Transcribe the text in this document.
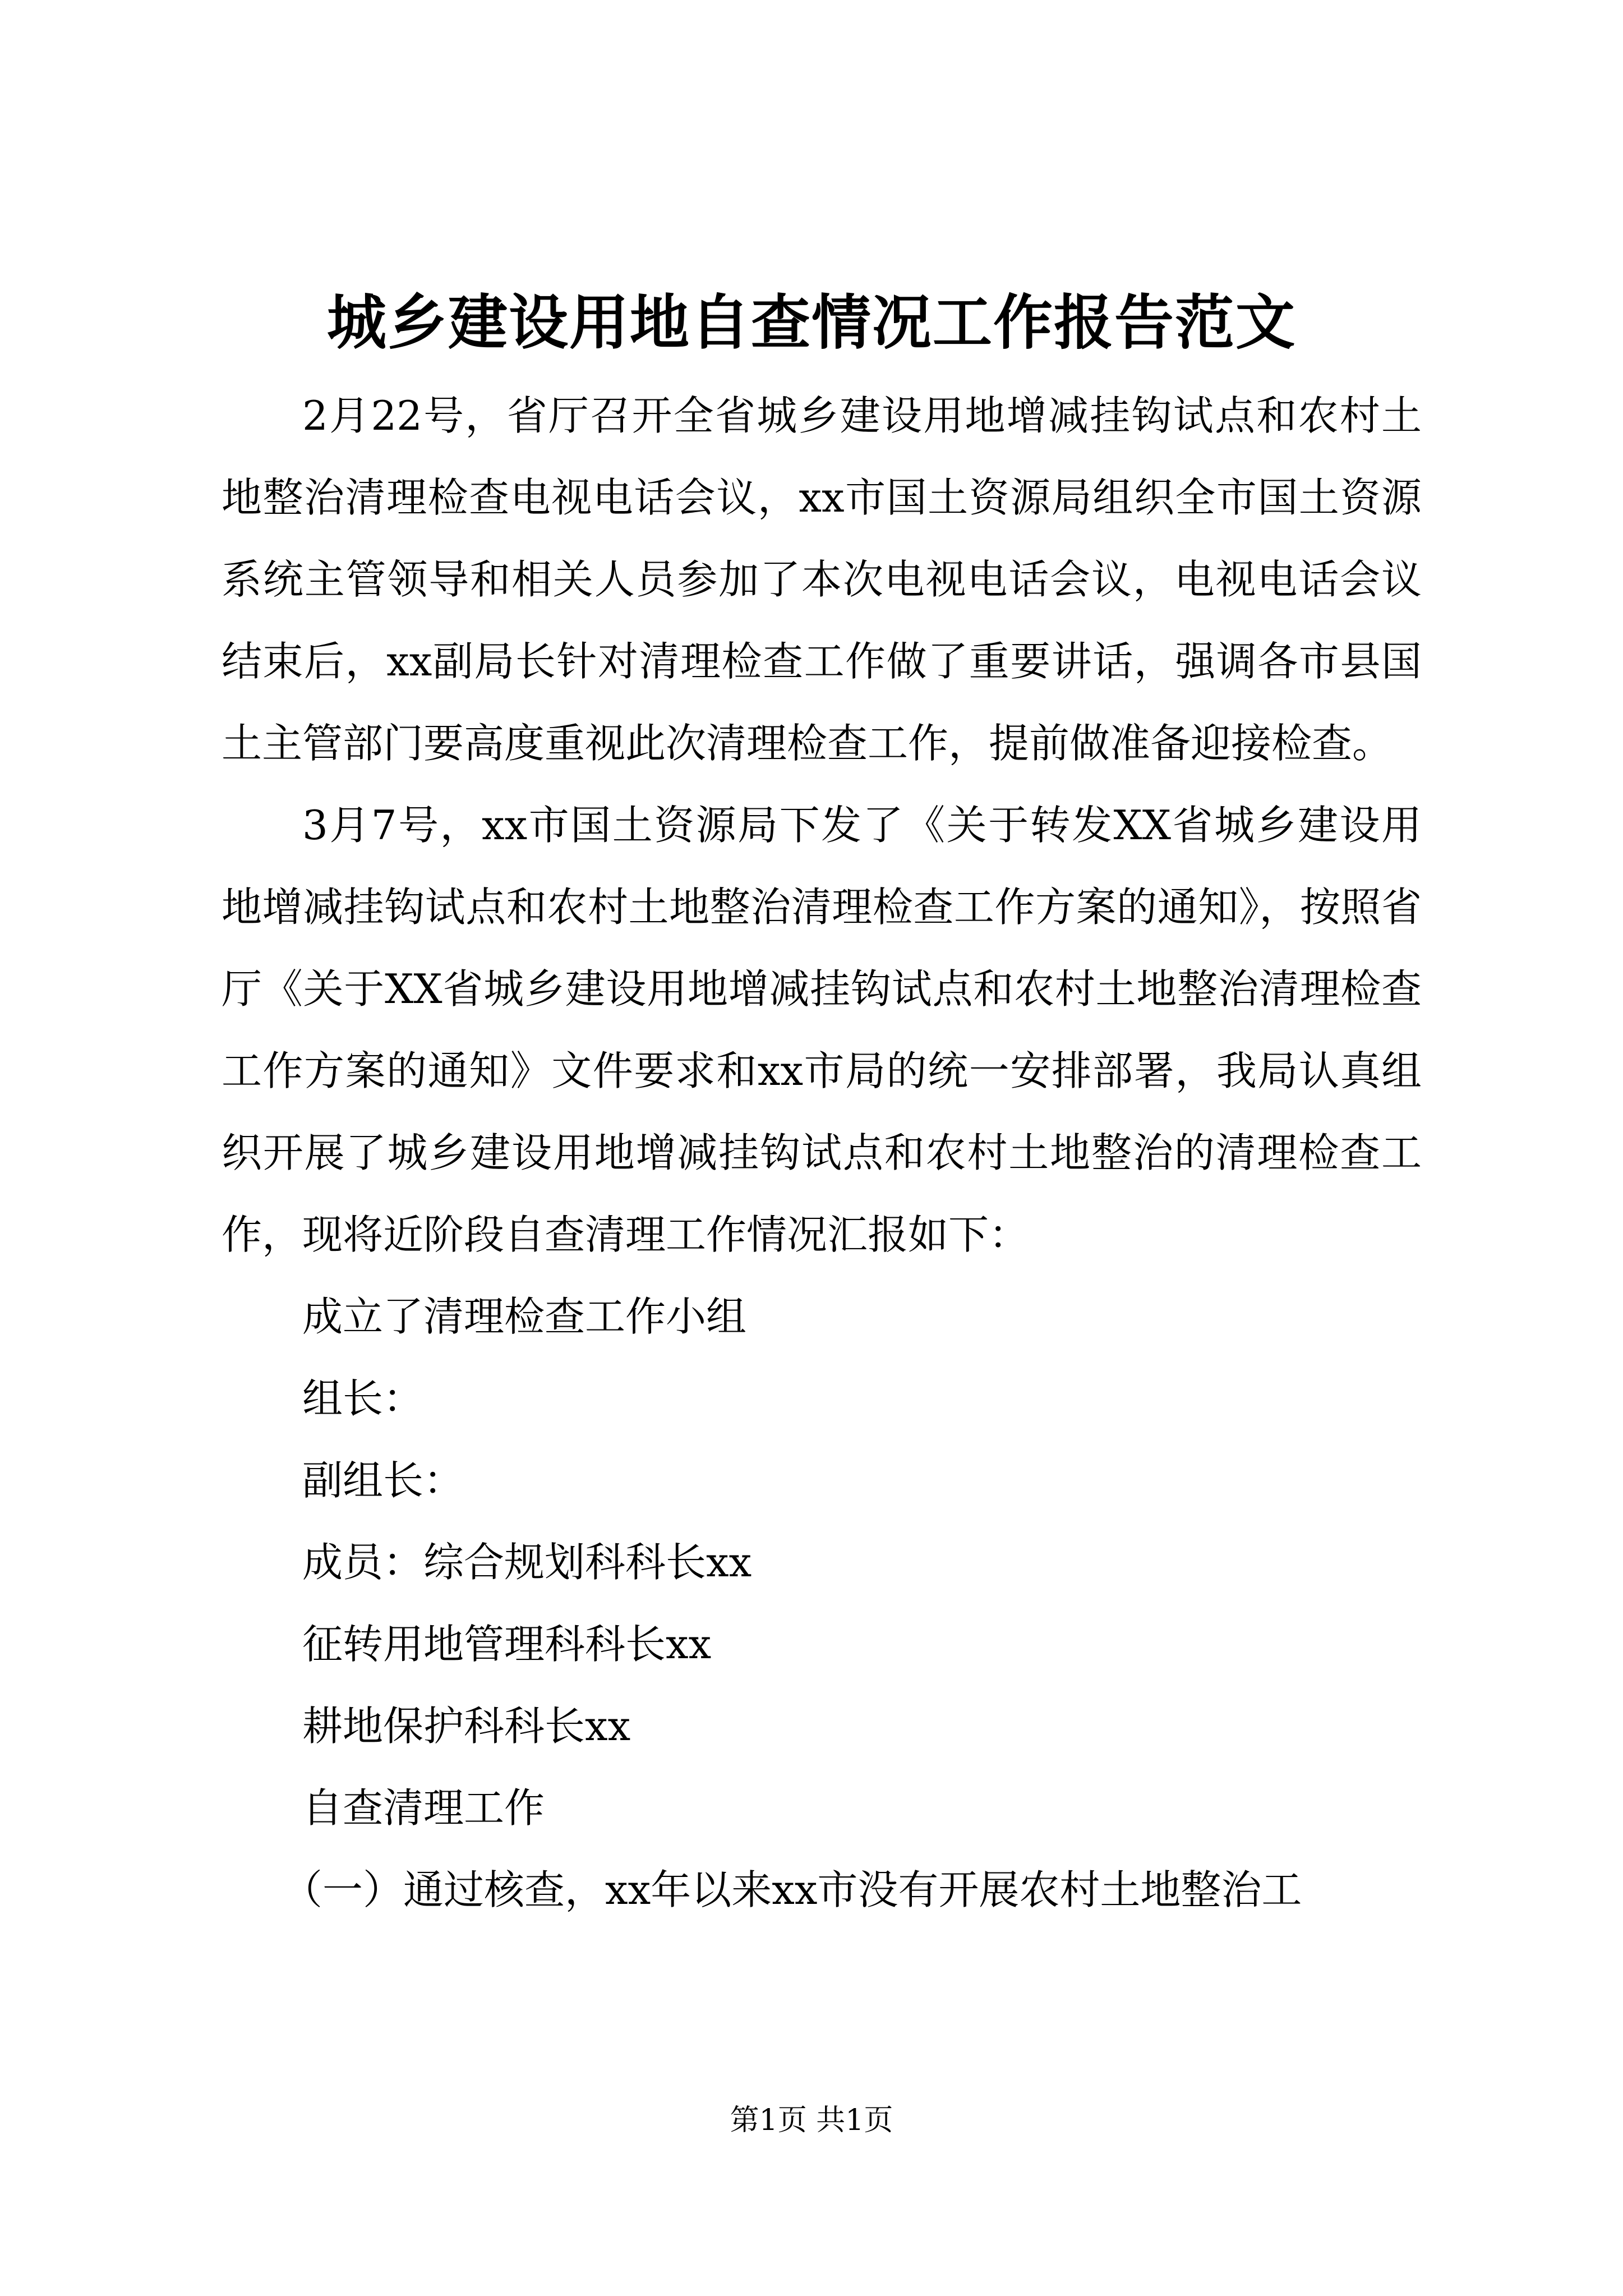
城乡建设用地自查情况工作报告范文

2月22号，省厅召开全省城乡建设用地增减挂钩试点和农村土地整治清理检查电视电话会议，xx市国土资源局组织全市国土资源系统主管领导和相关人员参加了本次电视电话会议，电视电话会议结束后，xx副局长针对清理检查工作做了重要讲话，强调各市县国土主管部门要高度重视此次清理检查工作，提前做准备迎接检查。

3月7号，xx市国土资源局下发了《关于转发XX省城乡建设用地增减挂钩试点和农村土地整治清理检查工作方案的通知》，按照省厅《关于XX省城乡建设用地增减挂钩试点和农村土地整治清理检查工作方案的通知》文件要求和xx市局的统一安排部署，我局认真组织开展了城乡建设用地增减挂钩试点和农村土地整治的清理检查工作，现将近阶段自查清理工作情况汇报如下：

成立了清理检查工作小组

组长：

副组长：

成员：综合规划科科长xx

征转用地管理科科长xx

耕地保护科科长xx

自查清理工作

（一）通过核查，xx年以来xx市没有开展农村土地整治工

第1页 共1页
